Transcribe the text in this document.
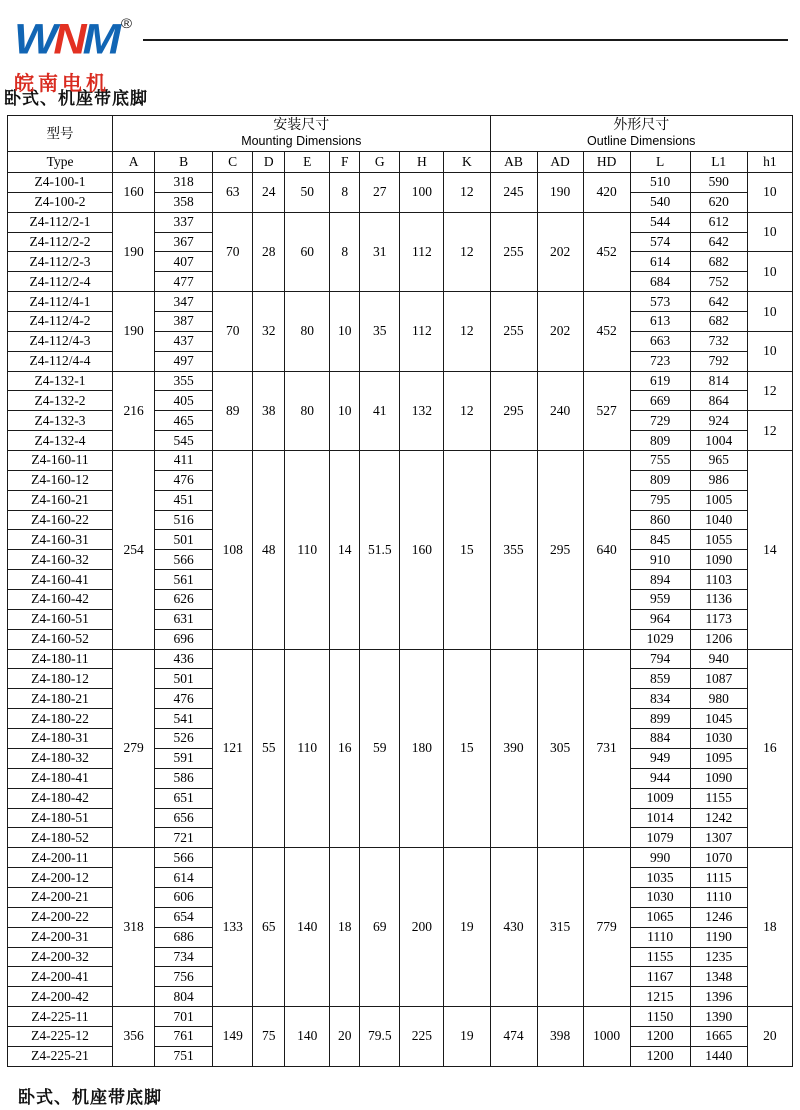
WNM ®
皖南电机
卧式、机座带底脚
型号	安装尺寸
Mounting Dimensions

外形尺寸
Outline Dimensions

Type	A	B	C	D	E	F	G	H	K	AB	AD	HD	L	L1	h1
Z4-100-1	160	318	63	24	50	8	27	100	12	245	190	420	510	590	10
Z4-100-2		358											540	620	
Z4-112/2-1	190	337	70	28	60	8	31	112	12	255	202	452	544	612	10
Z4-112/2-2		367											574	642	
Z4-112/2-3		407											614	682	10
Z4-112/2-4		477											684	752	
Z4-112/4-1	190	347	70	32	80	10	35	112	12	255	202	452	573	642	10
Z4-112/4-2		387											613	682	
Z4-112/4-3		437											663	732	10
Z4-112/4-4		497											723	792	
Z4-132-1	216	355	89	38	80	10	41	132	12	295	240	527	619	814	12
Z4-132-2		405											669	864	
Z4-132-3		465											729	924	12
Z4-132-4		545											809	1004	
Z4-160-11	254	411	108	48	110	14	51.5	160	15	355	295	640	755	965	14
Z4-160-12		476											809	986	
Z4-160-21		451											795	1005	
Z4-160-22		516											860	1040	
Z4-160-31		501											845	1055	
Z4-160-32		566											910	1090	
Z4-160-41		561											894	1103	
Z4-160-42		626											959	1136	
Z4-160-51		631											964	1173	
Z4-160-52		696											1029	1206	
Z4-180-11	279	436	121	55	110	16	59	180	15	390	305	731	794	940	16
Z4-180-12		501											859	1087	
Z4-180-21		476											834	980	
Z4-180-22		541											899	1045	
Z4-180-31		526											884	1030	
Z4-180-32		591											949	1095	
Z4-180-41		586											944	1090	
Z4-180-42		651											1009	1155	
Z4-180-51		656											1014	1242	
Z4-180-52		721											1079	1307	
Z4-200-11	318	566	133	65	140	18	69	200	19	430	315	779	990	1070	18
Z4-200-12		614											1035	1115	
Z4-200-21		606											1030	1110	
Z4-200-22		654											1065	1246	
Z4-200-31		686											1110	1190	
Z4-200-32		734											1155	1235	
Z4-200-41		756											1167	1348	
Z4-200-42		804											1215	1396	
Z4-225-11	356	701	149	75	140	20	79.5	225	19	474	398	1000	1150	1390	20
Z4-225-12		761											1200	1665	
Z4-225-21		751											1200	1440	
卧式、机座带底脚
